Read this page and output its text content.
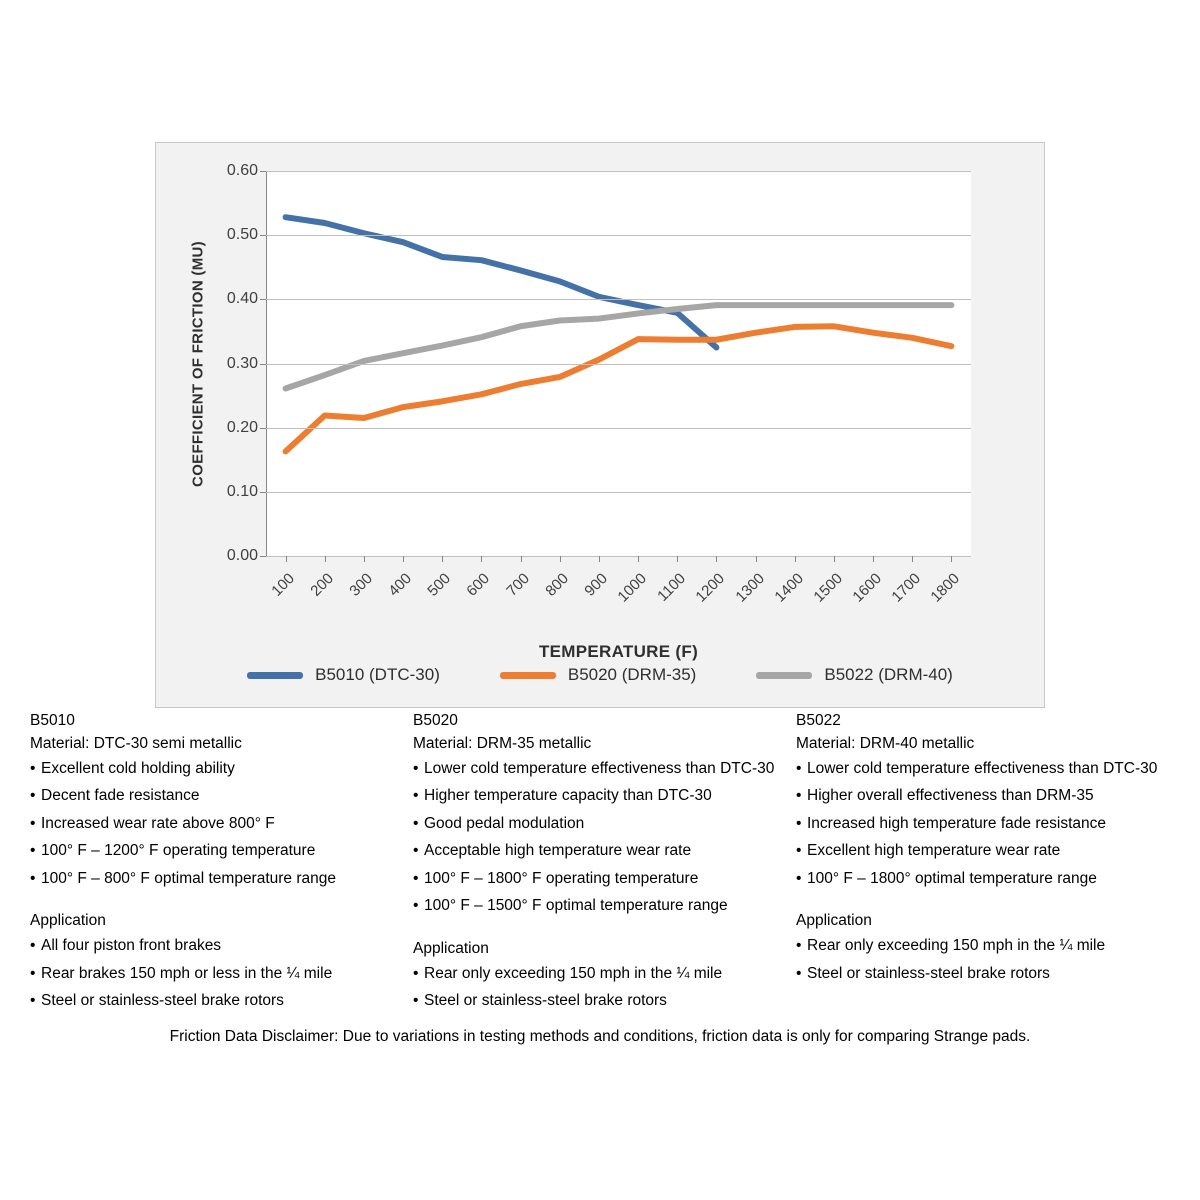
COEFFICIENT OF FRICTION (MU)
TEMPERATURE (F)
0.00
0.10
0.20
0.30
0.40
0.50
0.60
100 200 300 400 500 600 700 800 900 1000 1100 1200 1300 1400 1500 1600 1700 1800
B5010 (DTC-30)	B5020 (DRM-35)	B5022 (DRM-40)
B5010
Material: DTC-30 semi metallic
• Excellent cold holding ability
• Decent fade resistance
• Increased wear rate above 800° F
• 100° F – 1200° F operating temperature
• 100° F – 800° F optimal temperature range
Application
• All four piston front brakes
• Rear brakes 150 mph or less in the ¼ mile
• Steel or stainless-steel brake rotors
B5020
Material: DRM-35 metallic
• Lower cold temperature effectiveness than DTC-30
• Higher temperature capacity than DTC-30
• Good pedal modulation
• Acceptable high temperature wear rate
• 100° F – 1800° F operating temperature
• 100° F – 1500° F optimal temperature range
Application
• Rear only exceeding 150 mph in the ¼ mile
• Steel or stainless-steel brake rotors
B5022
Material: DRM-40 metallic
• Lower cold temperature effectiveness than DTC-30
• Higher overall effectiveness than DRM-35
• Increased high temperature fade resistance
• Excellent high temperature wear rate
• 100° F – 1800° optimal temperature range
Application
• Rear only exceeding 150 mph in the ¼ mile
• Steel or stainless-steel brake rotors
Friction Data Disclaimer: Due to variations in testing methods and conditions, friction data is only for comparing Strange pads.
